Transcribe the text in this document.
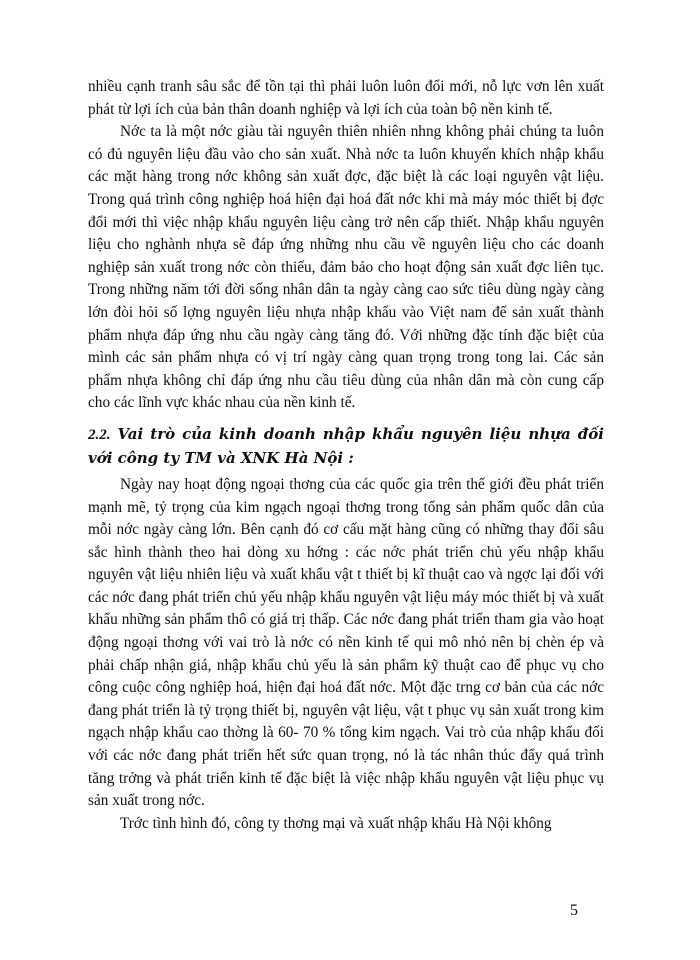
nhiều cạnh tranh sâu sắc để tồn tại thì phải luôn luôn đổi mới, nỗ lực vơn lên xuất phát từ lợi ích của bản thân doanh nghiệp và lợi ích của toàn bộ nền kinh tế.

Nớc ta là một nớc giàu tài nguyên thiên nhiên nhng không phải chúng ta luôn có đủ nguyên liệu đầu vào cho sản xuất. Nhà nớc ta luôn khuyến khích nhập khẩu các mặt hàng trong nớc không sản xuất đợc, đặc biệt là các loại nguyên vật liệu. Trong quá trình công nghiệp hoá hiện đại hoá đất nớc khi mà máy móc thiết bị đợc đổi mới thì việc nhập khẩu nguyên liệu càng trở nên cấp thiết. Nhập khẩu nguyên liệu cho nghành nhựa sẽ đáp ứng những nhu cầu về nguyên liệu cho các doanh nghiệp sản xuất trong nớc còn thiếu, đảm bảo cho hoạt động sản xuất đợc liên tục. Trong những năm tới đời sống nhân dân ta ngày càng cao sức tiêu dùng ngày càng lớn đòi hỏi số lợng nguyên liệu nhựa nhập khẩu vào Việt nam để sản xuất thành phẩm nhựa đáp ứng nhu cầu ngày càng tăng đó. Với những đặc tính đặc biệt của mình các sản phẩm nhựa có vị trí ngày càng quan trọng trong tong lai. Các sản phẩm nhựa không chỉ đáp ứng nhu cầu tiêu dùng của nhân dân mà còn cung cấp cho các lĩnh vực khác nhau của nền kinh tế.

2.2. Vai trò của kinh doanh nhập khẩu nguyên liệu nhựa đối với công ty TM và XNK Hà Nội :

Ngày nay hoạt động ngoại thơng của các quốc gia trên thế giới đều phát triển mạnh mẽ, tỷ trọng của kim ngạch ngoại thơng trong tổng sản phẩm quốc dân của mỗi nớc ngày càng lớn. Bên cạnh đó cơ cấu mặt hàng cũng có những thay đổi sâu sắc hình thành theo hai dòng xu hớng : các nớc phát triển chủ yếu nhập khẩu nguyên vật liệu nhiên liệu và xuất khẩu vật t thiết bị kĩ thuật cao và ngợc lại đối với các nớc đang phát triển chủ yếu nhập khẩu nguyên vật liệu máy móc thiết bị và xuất khẩu những sản phẩm thô có giá trị thấp. Các nớc đang phát triển tham gia vào hoạt động ngoại thơng với vai trò là nớc có nền kinh tế qui mô nhỏ nên bị chèn ép và phải chấp nhận giá, nhập khẩu chủ yếu là sản phẩm kỹ thuật cao để phục vụ cho công cuộc công nghiệp hoá, hiện đại hoá đất nớc. Một đặc trng cơ bản của các nớc đang phát triển là tỷ trọng thiết bị, nguyên vật liệu, vật t phục vụ sản xuất trong kim ngạch nhập khẩu cao thờng là 60- 70 % tổng kim ngạch. Vai trò của nhập khẩu đối với các nớc đang phát triển hết sức quan trọng, nó là tác nhân thúc đẩy quá trình tăng trởng và phát triển kinh tế đặc biệt là việc nhập khẩu nguyên vật liệu phục vụ sản xuất trong nớc.

Trớc tình hình đó, công ty thơng mại và xuất nhập khẩu Hà Nội không

5
